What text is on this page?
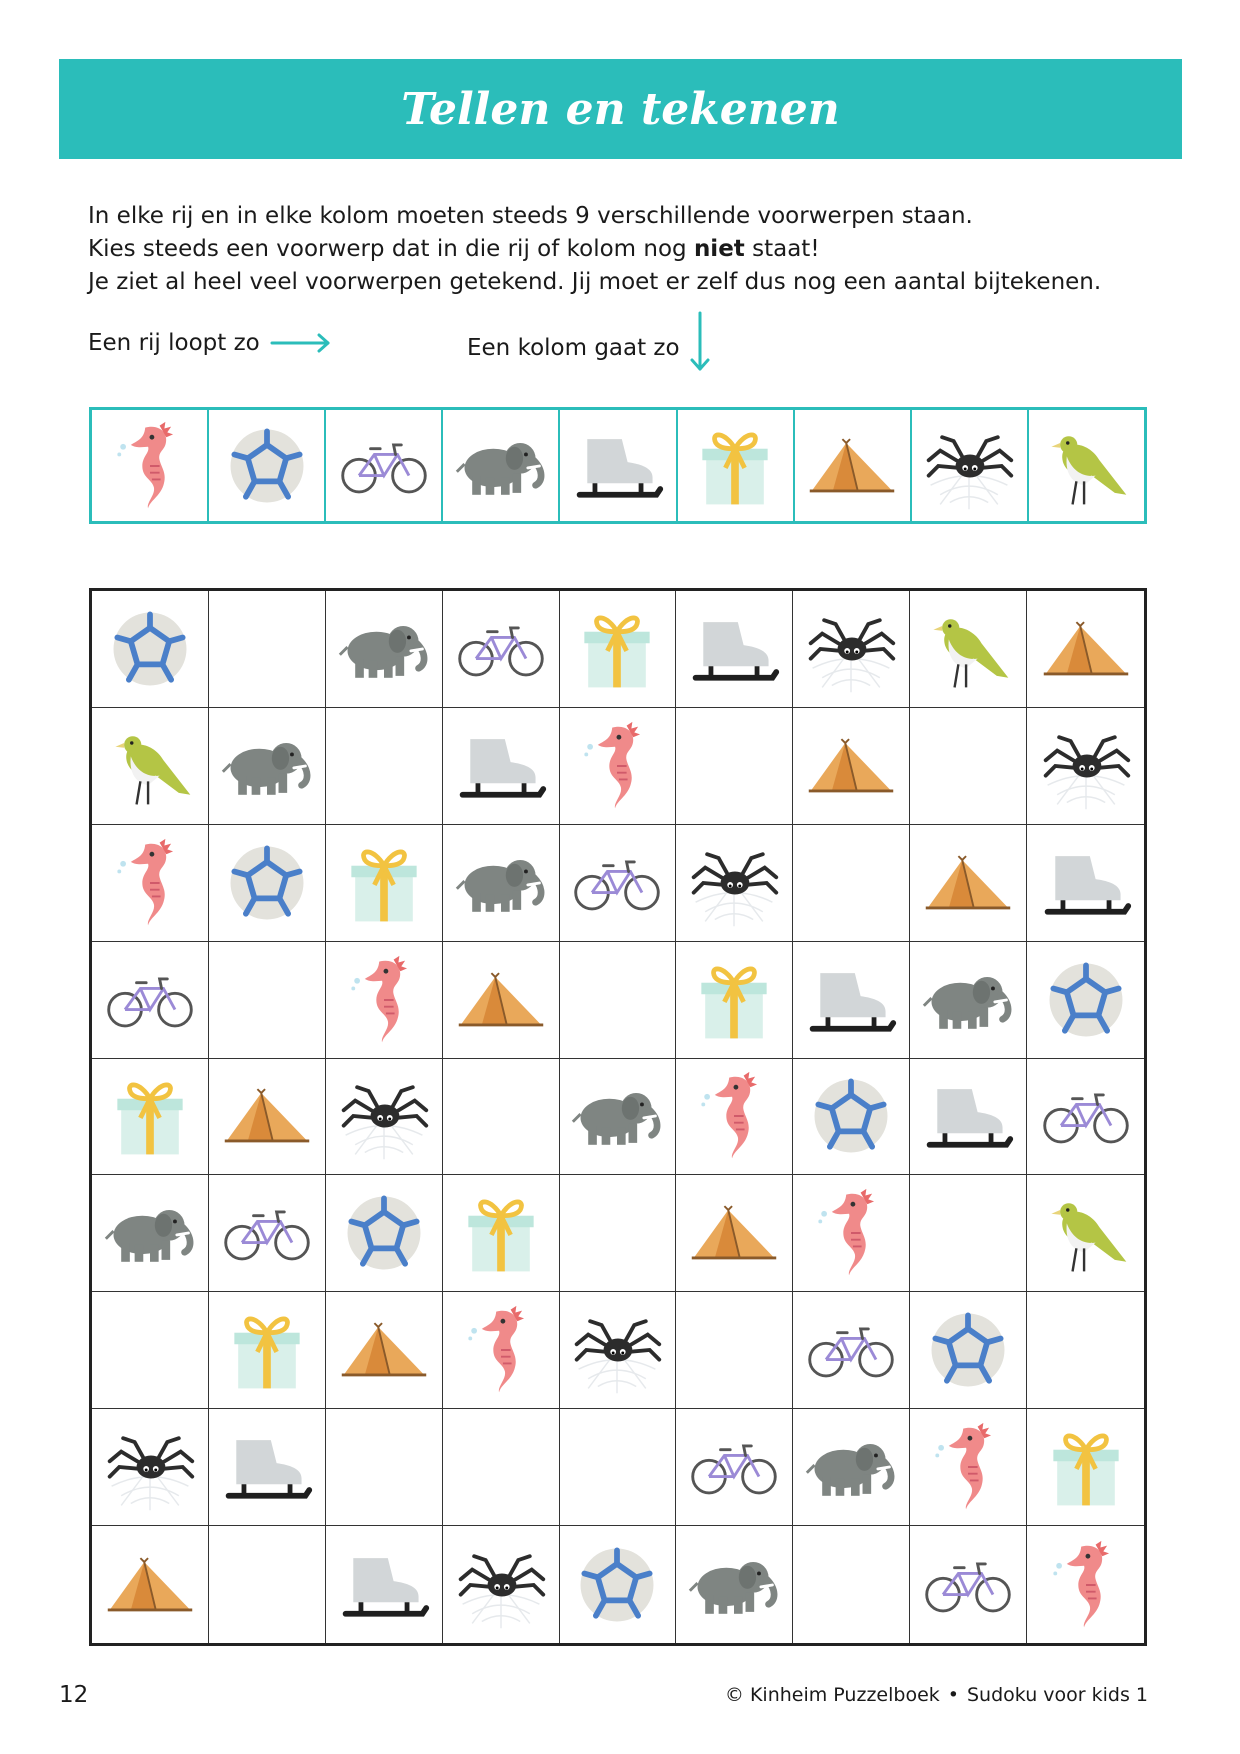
Tellen en tekenen

In elke rij en in elke kolom moeten steeds 9 verschillende voorwerpen staan.

Kies steeds een voorwerp dat in die rij of kolom nog niet staat!

Je ziet al heel veel voorwerpen getekend. Jij moet er zelf dus nog een aantal bijtekenen.

Een rij loopt zo	Een kolom gaat zo
12	© Kinheim Puzzelboek • Sudoku voor kids 1
